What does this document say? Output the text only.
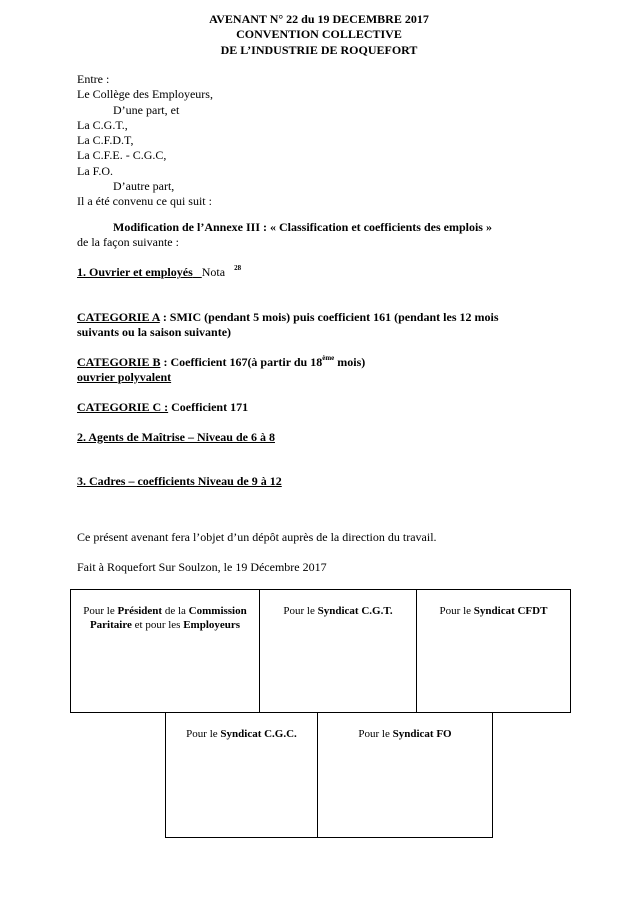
AVENANT N° 22 du 19 DECEMBRE 2017
CONVENTION COLLECTIVE
DE L’INDUSTRIE DE ROQUEFORT
Entre :
Le Collège des Employeurs,
D’une part, et
La C.G.T.,
La C.F.D.T,
La C.F.E. - C.G.C,
La F.O.
D’autre part,
Il a été convenu ce qui suit :
Modification de l’Annexe III : « Classification et coefficients des emplois »
de la façon suivante :
1. Ouvrier et employés Nota $^{28}$
CATEGORIE A : SMIC (pendant 5 mois) puis coefficient 161 (pendant les 12 mois
suivants ou la saison suivante)
CATEGORIE B : Coefficient 167(à partir du 18ème mois)
ouvrier polyvalent
CATEGORIE C : Coefficient 171
2. Agents de Maîtrise – Niveau de 6 à 8
3. Cadres – coefficients Niveau de 9 à 12
Ce présent avenant fera l’objet d’un dépôt auprès de la direction du travail.
Fait à Roquefort Sur Soulzon, le 19 Décembre 2017
Pour le Président de la Commission
Paritaire et pour les Employeurs
Pour le Syndicat C.G.T.	Pour le Syndicat CFDT
Pour le Syndicat C.G.C.	Pour le Syndicat FO
